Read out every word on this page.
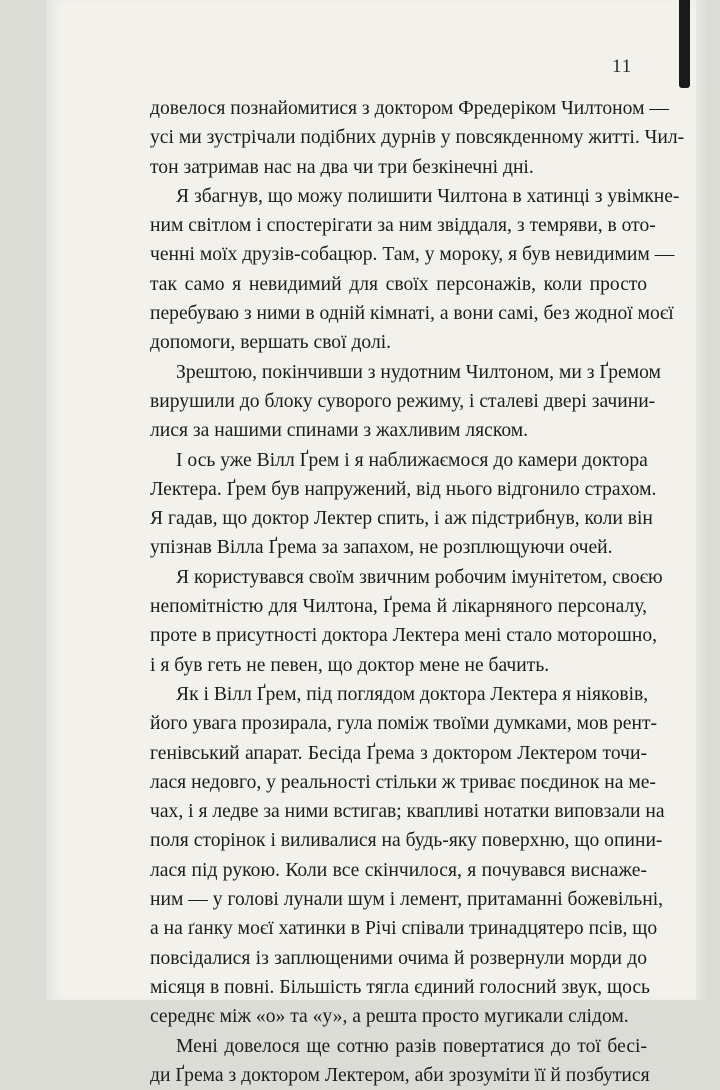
11
довелося познайомитися з доктором Фредеріком Чилтоном —
усі ми зустрічали подібних дурнів у повсякденному житті. Чил-
тон затримав нас на два чи три безкінечні дні.
Я збагнув, що можу полишити Чилтона в хатинці з увімкне-
ним світлом і спостерігати за ним звіддаля, з темряви, в ото-
ченні моїх друзів-собацюр. Там, у мороку, я був невидимим —
так само я невидимий для своїх персонажів, коли просто
перебуваю з ними в одній кімнаті, а вони самі, без жодної моєї
допомоги, вершать свої долі.
Зрештою, покінчивши з нудотним Чилтоном, ми з Ґремом
вирушили до блоку суворого режиму, і сталеві двері зачини-
лися за нашими спинами з жахливим ляском.
І ось уже Вілл Ґрем і я наближаємося до камери доктора
Лектера. Ґрем був напружений, від нього відгонило страхом.
Я гадав, що доктор Лектер спить, і аж підстрибнув, коли він
упізнав Вілла Ґрема за запахом, не розплющуючи очей.
Я користувався своїм звичним робочим імунітетом, своєю
непомітністю для Чилтона, Ґрема й лікарняного персоналу,
проте в присутності доктора Лектера мені стало моторошно,
і я був геть не певен, що доктор мене не бачить.
Як і Вілл Ґрем, під поглядом доктора Лектера я ніяковів,
його увага прозирала, гула поміж твоїми думками, мов рент-
генівський апарат. Бесіда Ґрема з доктором Лектером точи-
лася недовго, у реальності стільки ж триває поєдинок на ме-
чах, і я ледве за ними встигав; квапливі нотатки виповзали на
поля сторінок і виливалися на будь-яку поверхню, що опини-
лася під рукою. Коли все скінчилося, я почувався виснаже-
ним — у голові лунали шум і лемент, притаманні божевільні,
а на ґанку моєї хатинки в Річі співали тринадцятеро псів, що
повсідалися із заплющеними очима й розвернули морди до
місяця в повні. Більшість тягла єдиний голосний звук, щось
середнє між «о» та «у», а решта просто мугикали слідом.
Мені довелося ще сотню разів повертатися до тої бесі-
ди Ґрема з доктором Лектером, аби зрозуміти її й позбутися
